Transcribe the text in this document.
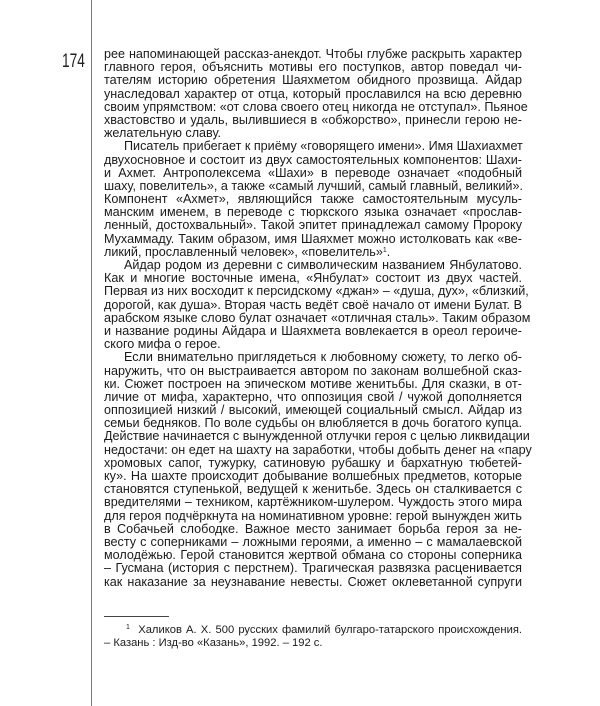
174 рее напоминающей рассказ-анекдот. Чтобы глубже раскрыть характер
главного героя, объяснить мотивы его поступков, автор поведал чи-
тателям историю обретения Шаяхметом обидного прозвища. Айдар
унаследовал характер от отца, который прославился на всю деревню
своим упрямством: «от слова своего отец никогда не отступал». Пьяное
хвастовство и удаль, вылившиеся в «обжорство», принесли герою не-
желательную славу.
Писатель прибегает к приёму «говорящего имени». Имя Шахиахмет
двухосновное и состоит из двух самостоятельных компонентов: Шахи-
и Ахмет. Антрополексема «Шахи» в переводе означает «подобный
шаху, повелитель», а также «самый лучший, самый главный, великий».
Компонент «Ахмет», являющийся также самостоятельным мусуль-
манским именем, в переводе с тюркского языка означает «прослав-
ленный, достохвальный». Такой эпитет принадлежал самому Пророку
Мухаммаду. Таким образом, имя Шаяхмет можно истолковать как «ве-
ликий, прославленный человек», «повелитель»$^1$.
Айдар родом из деревни с символическим названием Янбулатово.
Как и многие восточные имена, «Янбулат» состоит из двух частей.
Первая из них восходит к персидскому «джан» – «душа, дух», «близкий,
дорогой, как душа». Вторая часть ведёт своё начало от имени Булат. В
арабском языке слово булат означает «отличная сталь». Таким образом
и название родины Айдара и Шаяхмета вовлекается в ореол героиче-
ского мифа о герое.
Если внимательно приглядеться к любовному сюжету, то легко об-
наружить, что он выстраивается автором по законам волшебной сказ-
ки. Сюжет построен на эпическом мотиве женитьбы. Для сказки, в от-
личие от мифа, характерно, что оппозиция свой / чужой дополняется
оппозицией низкий / высокий, имеющей социальный смысл. Айдар из
семьи бедняков. По воле судьбы он влюбляется в дочь богатого купца.
Действие начинается с вынужденной отлучки героя с целью ликвидации
недостачи: он едет на шахту на заработки, чтобы добыть денег на «пару
хромовых сапог, тужурку, сатиновую рубашку и бархатную тюбетей-
ку». На шахте происходит добывание волшебных предметов, которые
становятся ступенькой, ведущей к женитьбе. Здесь он сталкивается с
вредителями – техником, картёжником-шулером. Чуждость этого мира
для героя подчёркнута на номинативном уровне: герой вынужден жить
в Собачьей слободке. Важное место занимает борьба героя за не-
весту с соперниками – ложными героями, а именно – с мамалаевской
молодёжью. Герой становится жертвой обмана со стороны соперника
– Гусмана (история с перстнем). Трагическая развязка расценивается
как наказание за неузнавание невесты. Сюжет оклеветанной супруги
$^1$ Халиков А. Х. 500 русских фамилий булгаро-татарского происхождения.
– Казань : Изд-во «Казань», 1992. – 192 с.
